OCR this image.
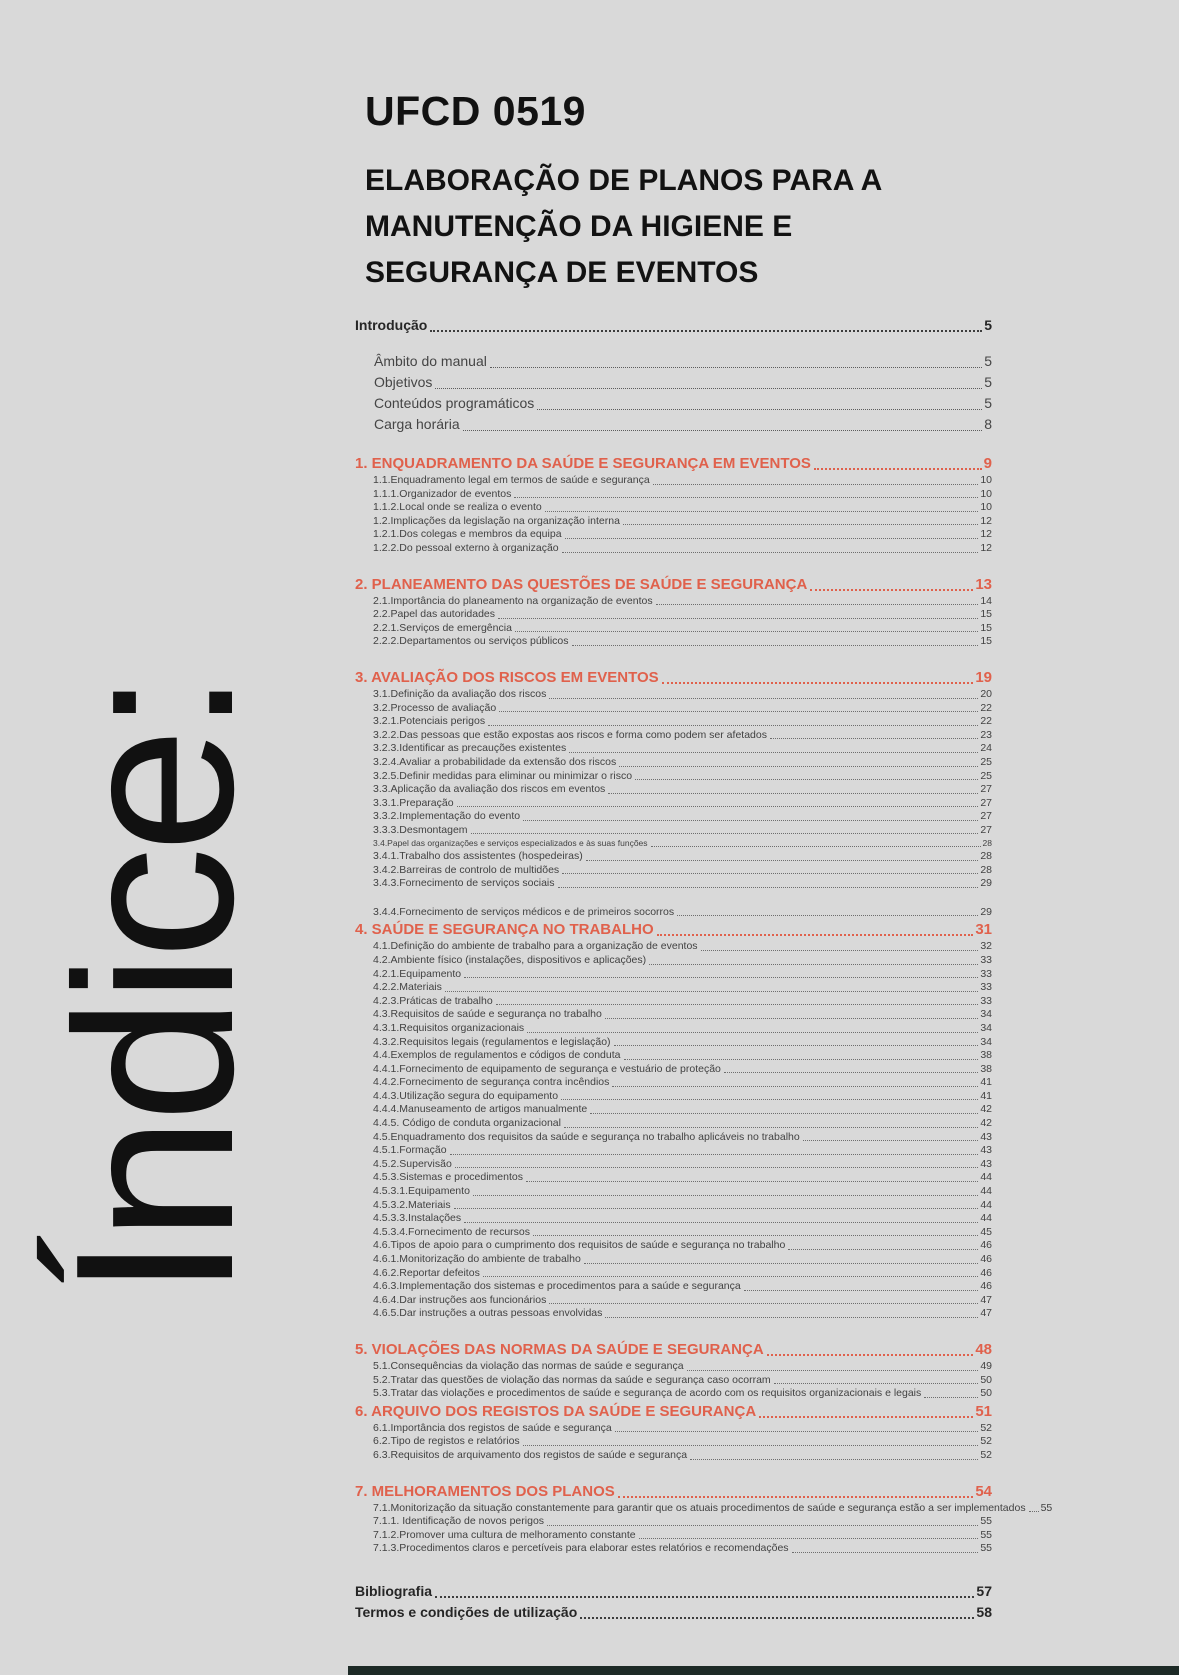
Índice:
UFCD 0519
ELABORAÇÃO DE PLANOS PARA A
MANUTENÇÃO DA HIGIENE E
SEGURANÇA DE EVENTOS
Introdução	5
Âmbito do manual	5
Objetivos	5
Conteúdos programáticos	5
Carga horária	8
1. ENQUADRAMENTO DA SAÚDE E SEGURANÇA EM EVENTOS	9
1.1.Enquadramento legal em termos de saúde e segurança	10
1.1.1.Organizador de eventos	10
1.1.2.Local onde se realiza o evento	10
1.2.Implicações da legislação na organização interna	12
1.2.1.Dos colegas e membros da equipa	12
1.2.2.Do pessoal externo à organização	12
2. PLANEAMENTO DAS QUESTÕES DE SAÚDE E SEGURANÇA	13
2.1.Importância do planeamento na organização de eventos	14
2.2.Papel das autoridades	15
2.2.1.Serviços de emergência	15
2.2.2.Departamentos ou serviços públicos	15
3. AVALIAÇÃO DOS RISCOS EM EVENTOS	19
3.1.Definição da avaliação dos riscos	20
3.2.Processo de avaliação	22
3.2.1.Potenciais perigos	22
3.2.2.Das pessoas que estão expostas aos riscos e forma como podem ser afetados	23
3.2.3.Identificar as precauções existentes	24
3.2.4.Avaliar a probabilidade da extensão dos riscos	25
3.2.5.Definir medidas para eliminar ou minimizar o risco	25
3.3.Aplicação da avaliação dos riscos em eventos	27
3.3.1.Preparação	27
3.3.2.Implementação do evento	27
3.3.3.Desmontagem	27
3.4.Papel das organizações e serviços especializados e às suas funções	28
3.4.1.Trabalho dos assistentes (hospedeiras)	28
3.4.2.Barreiras de controlo de multidões	28
3.4.3.Fornecimento de serviços sociais	29
3.4.4.Fornecimento de serviços médicos e de primeiros socorros	29
4. SAÚDE E SEGURANÇA NO TRABALHO	31
4.1.Definição do ambiente de trabalho para a organização de eventos	32
4.2.Ambiente físico (instalações, dispositivos e aplicações)	33
4.2.1.Equipamento	33
4.2.2.Materiais	33
4.2.3.Práticas de trabalho	33
4.3.Requisitos de saúde e segurança no trabalho	34
4.3.1.Requisitos organizacionais	34
4.3.2.Requisitos legais (regulamentos e legislação)	34
4.4.Exemplos de regulamentos e códigos de conduta	38
4.4.1.Fornecimento de equipamento de segurança e vestuário de proteção	38
4.4.2.Fornecimento de segurança contra incêndios	41
4.4.3.Utilização segura do equipamento	41
4.4.4.Manuseamento de artigos manualmente	42
4.4.5. Código de conduta organizacional	42
4.5.Enquadramento dos requisitos da saúde e segurança no trabalho aplicáveis no trabalho	43
4.5.1.Formação	43
4.5.2.Supervisão	43
4.5.3.Sistemas e procedimentos	44
4.5.3.1.Equipamento	44
4.5.3.2.Materiais	44
4.5.3.3.Instalações	44
4.5.3.4.Fornecimento de recursos	45
4.6.Tipos de apoio para o cumprimento dos requisitos de saúde e segurança no trabalho	46
4.6.1.Monitorização do ambiente de trabalho	46
4.6.2.Reportar defeitos	46
4.6.3.Implementação dos sistemas e procedimentos para a saúde e segurança	46
4.6.4.Dar instruções aos funcionários	47
4.6.5.Dar instruções a outras pessoas envolvidas	47
5. VIOLAÇÕES DAS NORMAS DA SAÚDE E SEGURANÇA	48
5.1.Consequências da violação das normas de saúde e segurança	49
5.2.Tratar das questões de violação das normas da saúde e segurança caso ocorram	50
5.3.Tratar das violações e procedimentos de saúde e segurança de acordo com os requisitos organizacionais e legais	50
6. ARQUIVO DOS REGISTOS DA SAÚDE E SEGURANÇA	51
6.1.Importância dos registos de saúde e segurança	52
6.2.Tipo de registos e relatórios	52
6.3.Requisitos de arquivamento dos registos de saúde e segurança	52
7. MELHORAMENTOS DOS PLANOS	54
7.1.Monitorização da situação constantemente para garantir que os atuais procedimentos de saúde e segurança estão a ser implementados 55
7.1.1. Identificação de novos perigos	55
7.1.2.Promover uma cultura de melhoramento constante	55
7.1.3.Procedimentos claros e percetíveis para elaborar estes relatórios e recomendações	55
Bibliografia	57
Termos e condições de utilização	58
